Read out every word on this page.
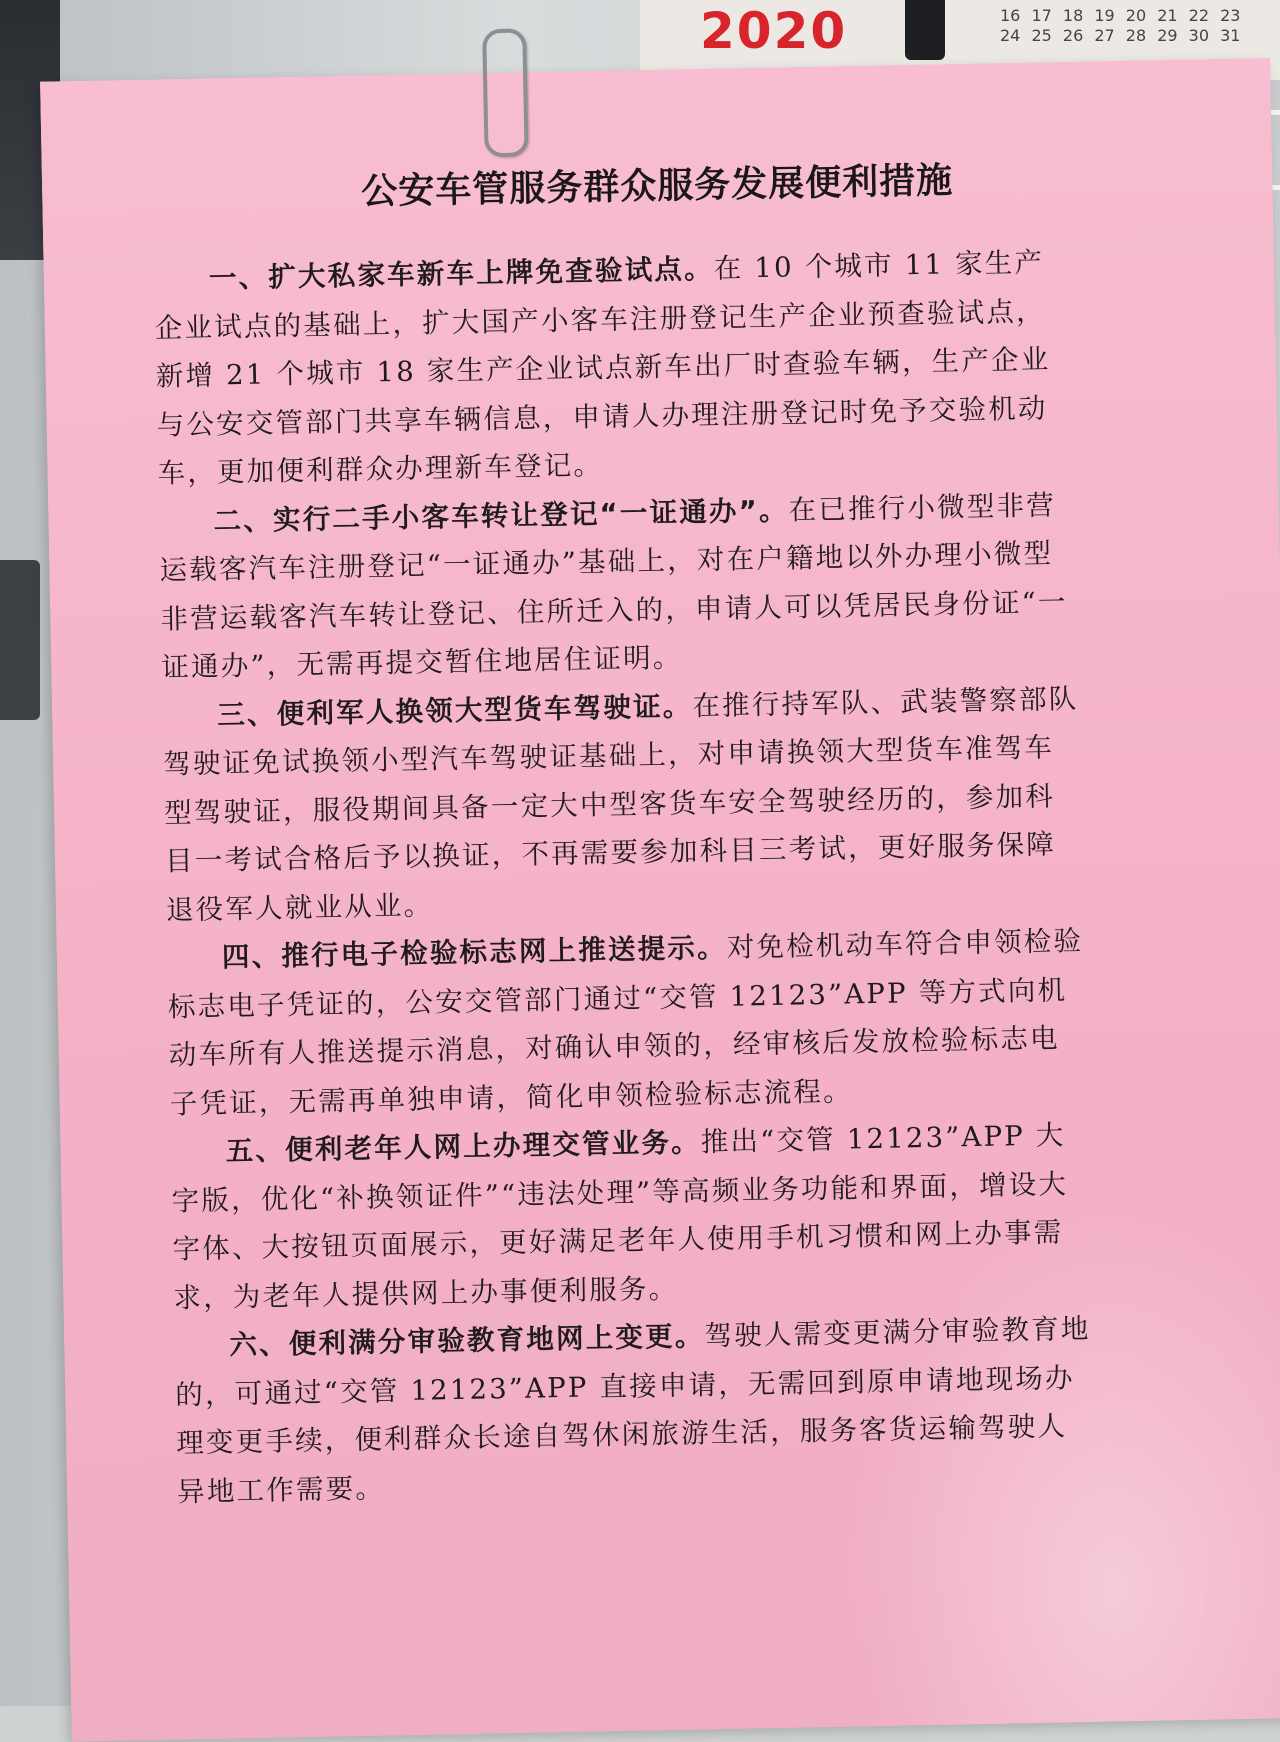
2020	16 17 18 19 20 21 22 23 24 25 26 27 28 29 30 31
公安车管服务群众服务发展便利措施

一、扩大私家车新车上牌免查验试点。在 10 个城市 11 家生产企业试点的基础上，扩大国产小客车注册登记生产企业预查验试点，新增 21 个城市 18 家生产企业试点新车出厂时查验车辆，生产企业与公安交管部门共享车辆信息，申请人办理注册登记时免予交验机动车，更加便利群众办理新车登记。

二、实行二手小客车转让登记“一证通办”。在已推行小微型非营运载客汽车注册登记“一证通办”基础上，对在户籍地以外办理小微型非营运载客汽车转让登记、住所迁入的，申请人可以凭居民身份证“一证通办”，无需再提交暂住地居住证明。

三、便利军人换领大型货车驾驶证。在推行持军队、武装警察部队驾驶证免试换领小型汽车驾驶证基础上，对申请换领大型货车准驾车型驾驶证，服役期间具备一定大中型客货车安全驾驶经历的，参加科目一考试合格后予以换证，不再需要参加科目三考试，更好服务保障退役军人就业从业。

四、推行电子检验标志网上推送提示。对免检机动车符合申领检验标志电子凭证的，公安交管部门通过“交管 12123”APP 等方式向机动车所有人推送提示消息，对确认申领的，经审核后发放检验标志电子凭证，无需再单独申请，简化申领检验标志流程。

五、便利老年人网上办理交管业务。推出“交管 12123”APP 大字版，优化“补换领证件”“违法处理”等高频业务功能和界面，增设大字体、大按钮页面展示，更好满足老年人使用手机习惯和网上办事需求，为老年人提供网上办事便利服务。

六、便利满分审验教育地网上变更。驾驶人需变更满分审验教育地的，可通过“交管 12123”APP 直接申请，无需回到原申请地现场办理变更手续，便利群众长途自驾休闲旅游生活，服务客货运输驾驶人异地工作需要。
